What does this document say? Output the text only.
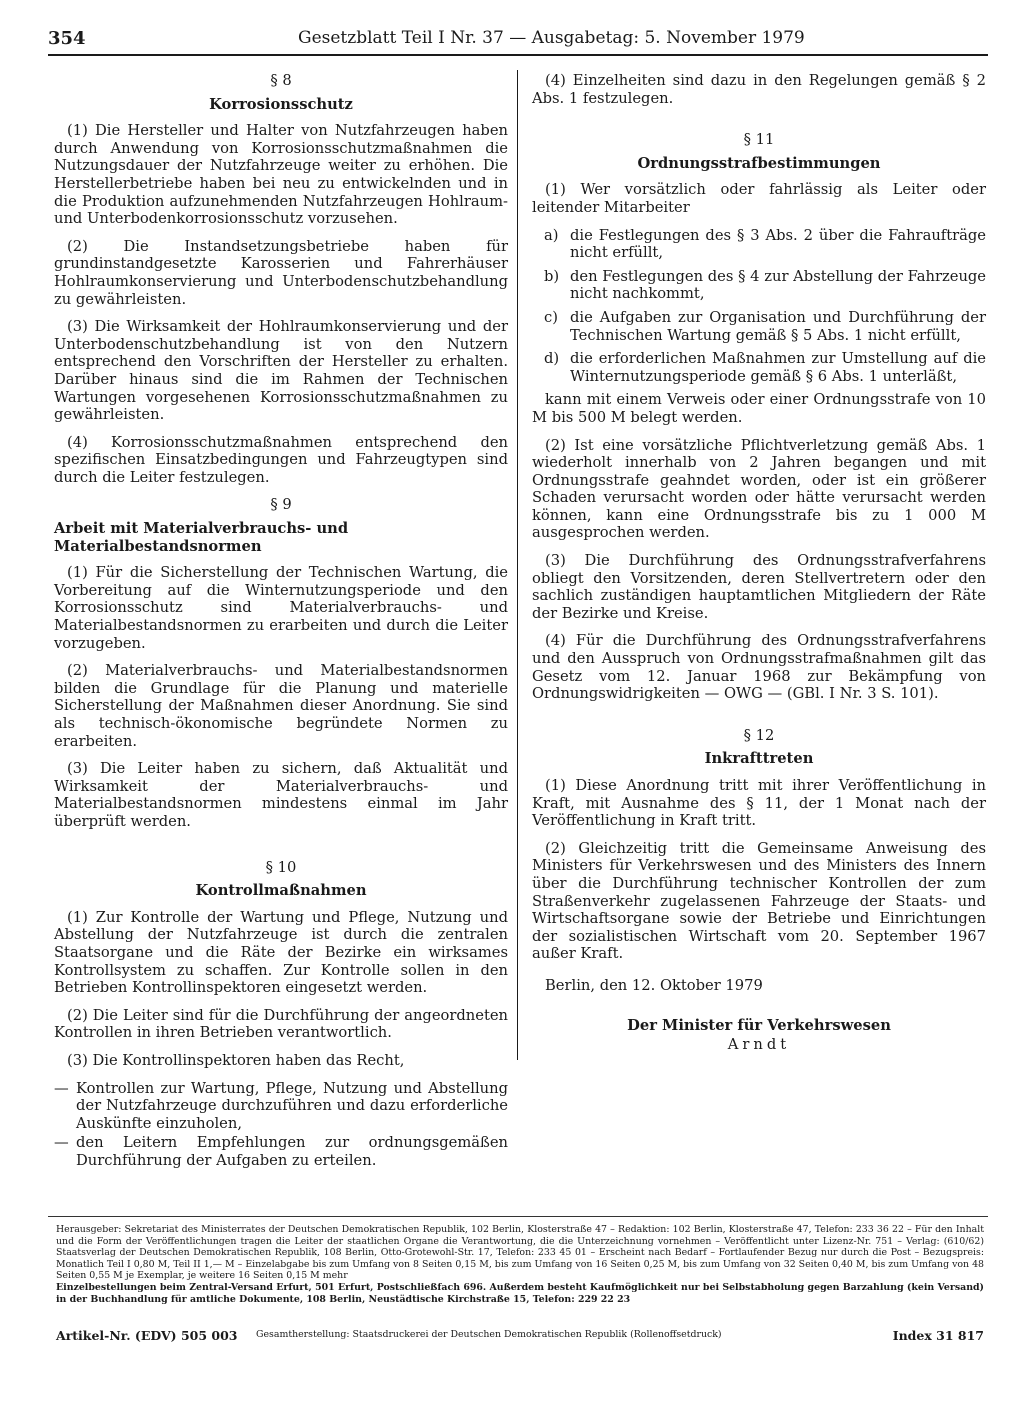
354	Gesetzblatt Teil I Nr. 37 — Ausgabetag: 5. November 1979

§ 8

Korrosionsschutz

(1) Die Hersteller und Halter von Nutzfahrzeugen haben durch Anwendung von Korrosionsschutzmaßnahmen die Nutzungsdauer der Nutzfahrzeuge weiter zu erhöhen. Die Herstellerbetriebe haben bei neu zu entwickelnden und in die Produktion aufzunehmenden Nutzfahrzeugen Hohlraum- und Unterbodenkorrosionsschutz vorzusehen.

(2) Die Instandsetzungsbetriebe haben für grundinstandgesetzte Karosserien und Fahrerhäuser Hohlraumkonservierung und Unterbodenschutzbehandlung zu gewährleisten.

(3) Die Wirksamkeit der Hohlraumkonservierung und der Unterbodenschutzbehandlung ist von den Nutzern entsprechend den Vorschriften der Hersteller zu erhalten. Darüber hinaus sind die im Rahmen der Technischen Wartungen vorgesehenen Korrosionsschutzmaßnahmen zu gewährleisten.

(4) Korrosionsschutzmaßnahmen entsprechend den spezifischen Einsatzbedingungen und Fahrzeugtypen sind durch die Leiter festzulegen.

§ 9

Arbeit mit Materialverbrauchs- und Materialbestandsnormen

(1) Für die Sicherstellung der Technischen Wartung, die Vorbereitung auf die Winternutzungsperiode und den Korrosionsschutz sind Materialverbrauchs- und Materialbestandsnormen zu erarbeiten und durch die Leiter vorzugeben.

(2) Materialverbrauchs- und Materialbestandsnormen bilden die Grundlage für die Planung und materielle Sicherstellung der Maßnahmen dieser Anordnung. Sie sind als technisch-ökonomische begründete Normen zu erarbeiten.

(3) Die Leiter haben zu sichern, daß Aktualität und Wirksamkeit der Materialverbrauchs- und Materialbestandsnormen mindestens einmal im Jahr überprüft werden.

§ 10

Kontrollmaßnahmen

(1) Zur Kontrolle der Wartung und Pflege, Nutzung und Abstellung der Nutzfahrzeuge ist durch die zentralen Staatsorgane und die Räte der Bezirke ein wirksames Kontrollsystem zu schaffen. Zur Kontrolle sollen in den Betrieben Kontrollinspektoren eingesetzt werden.

(2) Die Leiter sind für die Durchführung der angeordneten Kontrollen in ihren Betrieben verantwortlich.

(3) Die Kontrollinspektoren haben das Recht,

— Kontrollen zur Wartung, Pflege, Nutzung und Abstellung der Nutzfahrzeuge durchzuführen und dazu erforderliche Auskünfte einzuholen,
— den Leitern Empfehlungen zur ordnungsgemäßen Durchführung der Aufgaben zu erteilen.

(4) Einzelheiten sind dazu in den Regelungen gemäß § 2 Abs. 1 festzulegen.

§ 11

Ordnungsstrafbestimmungen

(1) Wer vorsätzlich oder fahrlässig als Leiter oder leitender Mitarbeiter

a) die Festlegungen des § 3 Abs. 2 über die Fahraufträge nicht erfüllt,
b) den Festlegungen des § 4 zur Abstellung der Fahrzeuge nicht nachkommt,
c) die Aufgaben zur Organisation und Durchführung der Technischen Wartung gemäß § 5 Abs. 1 nicht erfüllt,
d) die erforderlichen Maßnahmen zur Umstellung auf die Winternutzungsperiode gemäß § 6 Abs. 1 unterläßt,

kann mit einem Verweis oder einer Ordnungsstrafe von 10 M bis 500 M belegt werden.

(2) Ist eine vorsätzliche Pflichtverletzung gemäß Abs. 1 wiederholt innerhalb von 2 Jahren begangen und mit Ordnungsstrafe geahndet worden, oder ist ein größerer Schaden verursacht worden oder hätte verursacht werden können, kann eine Ordnungsstrafe bis zu 1 000 M ausgesprochen werden.

(3) Die Durchführung des Ordnungsstrafverfahrens obliegt den Vorsitzenden, deren Stellvertretern oder den sachlich zuständigen hauptamtlichen Mitgliedern der Räte der Bezirke und Kreise.

(4) Für die Durchführung des Ordnungsstrafverfahrens und den Ausspruch von Ordnungsstrafmaßnahmen gilt das Gesetz vom 12. Januar 1968 zur Bekämpfung von Ordnungswidrigkeiten — OWG — (GBl. I Nr. 3 S. 101).

§ 12

Inkrafttreten

(1) Diese Anordnung tritt mit ihrer Veröffentlichung in Kraft, mit Ausnahme des § 11, der 1 Monat nach der Veröffentlichung in Kraft tritt.

(2) Gleichzeitig tritt die Gemeinsame Anweisung des Ministers für Verkehrswesen und des Ministers des Innern über die Durchführung technischer Kontrollen der zum Straßenverkehr zugelassenen Fahrzeuge der Staats- und Wirtschaftsorgane sowie der Betriebe und Einrichtungen der sozialistischen Wirtschaft vom 20. September 1967 außer Kraft.

Berlin, den 12. Oktober 1979

Der Minister für Verkehrswesen

Arndt

Herausgeber: Sekretariat des Ministerrates der Deutschen Demokratischen Republik, 102 Berlin, Klosterstraße 47 – Redaktion: 102 Berlin, Klosterstraße 47, Telefon: 233 36 22 – Für den Inhalt und die Form der Veröffentlichungen tragen die Leiter der staatlichen Organe die Verantwortung, die die Unterzeichnung vornehmen – Veröffentlicht unter Lizenz-Nr. 751 – Verlag: (610/62) Staatsverlag der Deutschen Demokratischen Republik, 108 Berlin, Otto-Grotewohl-Str. 17, Telefon: 233 45 01 – Erscheint nach Bedarf – Fortlaufender Bezug nur durch die Post – Bezugspreis: Monatlich Teil I 0,80 M, Teil II 1,— M – Einzelabgabe bis zum Umfang von 8 Seiten 0,15 M, bis zum Umfang von 16 Seiten 0,25 M, bis zum Umfang von 32 Seiten 0,40 M, bis zum Umfang von 48 Seiten 0,55 M je Exemplar, je weitere 16 Seiten 0,15 M mehr
Einzelbestellungen beim Zentral-Versand Erfurt, 501 Erfurt, Postschließfach 696. Außerdem besteht Kaufmöglichkeit nur bei Selbstabholung gegen Barzahlung (kein Versand) in der Buchhandlung für amtliche Dokumente, 108 Berlin, Neustädtische Kirchstraße 15, Telefon: 229 22 23
Artikel-Nr. (EDV) 505 003 Gesamtherstellung: Staatsdruckerei der Deutschen Demokratischen Republik (Rollenoffsetdruck)	Index 31 817
